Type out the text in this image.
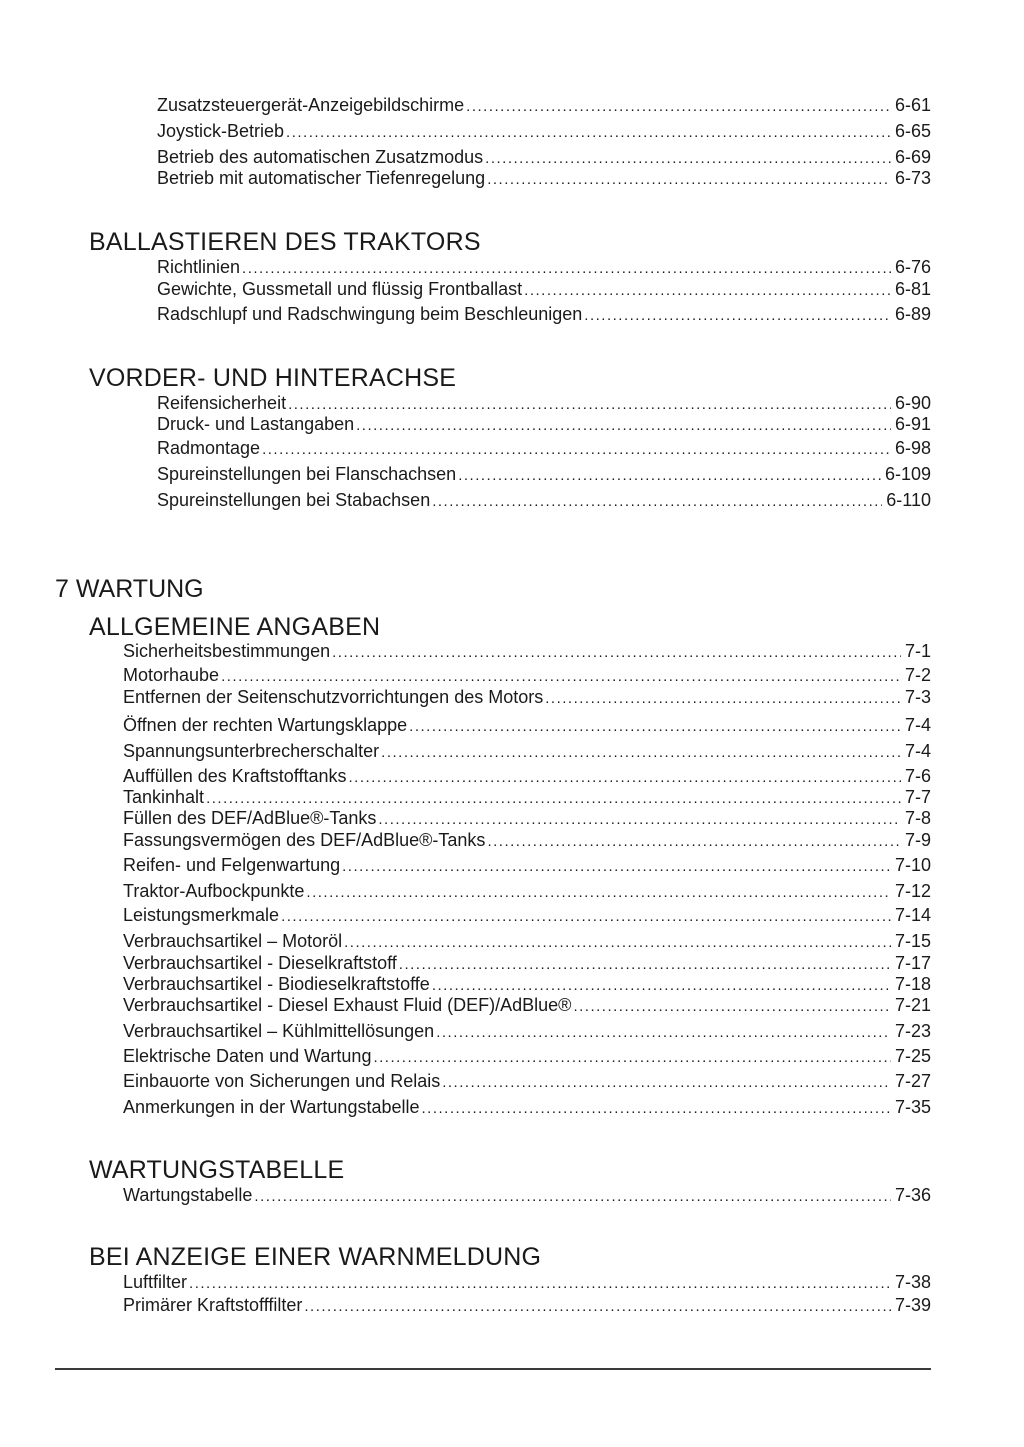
Zusatzsteuergerät-Anzeigebildschirme .....	6-61
Joystick-Betrieb .....	6-65
Betrieb des automatischen Zusatzmodus .....	6-69
Betrieb mit automatischer Tiefenregelung .....	6-73
BALLASTIEREN DES TRAKTORS
Richtlinien .....	6-76
Gewichte, Gussmetall und flüssig Frontballast .....	6-81
Radschlupf und Radschwingung beim Beschleunigen .....	6-89
VORDER- UND HINTERACHSE
Reifensicherheit .....	6-90
Druck- und Lastangaben .....	6-91
Radmontage .....	6-98
Spureinstellungen bei Flanschachsen .....	6-109
Spureinstellungen bei Stabachsen .....	6-110
7 WARTUNG
ALLGEMEINE ANGABEN
Sicherheitsbestimmungen .....	7-1
Motorhaube .....	7-2
Entfernen der Seitenschutzvorrichtungen des Motors .....	7-3
Öffnen der rechten Wartungsklappe .....	7-4
Spannungsunterbrecherschalter .....	7-4
Auffüllen des Kraftstofftanks .....	7-6
Tankinhalt .....	7-7
Füllen des DEF/AdBlue®-Tanks .....	7-8
Fassungsvermögen des DEF/AdBlue®-Tanks .....	7-9
Reifen- und Felgenwartung .....	7-10
Traktor-Aufbockpunkte .....	7-12
Leistungsmerkmale .....	7-14
Verbrauchsartikel – Motoröl .....	7-15
Verbrauchsartikel - Dieselkraftstoff .....	7-17
Verbrauchsartikel - Biodieselkraftstoffe .....	7-18
Verbrauchsartikel - Diesel Exhaust Fluid (DEF)/AdBlue® .....	7-21
Verbrauchsartikel – Kühlmittellösungen .....	7-23
Elektrische Daten und Wartung .....	7-25
Einbauorte von Sicherungen und Relais .....	7-27
Anmerkungen in der Wartungstabelle .....	7-35
WARTUNGSTABELLE
Wartungstabelle .....	7-36
BEI ANZEIGE EINER WARNMELDUNG
Luftfilter .....	7-38
Primärer Kraftstofffilter .....	7-39
